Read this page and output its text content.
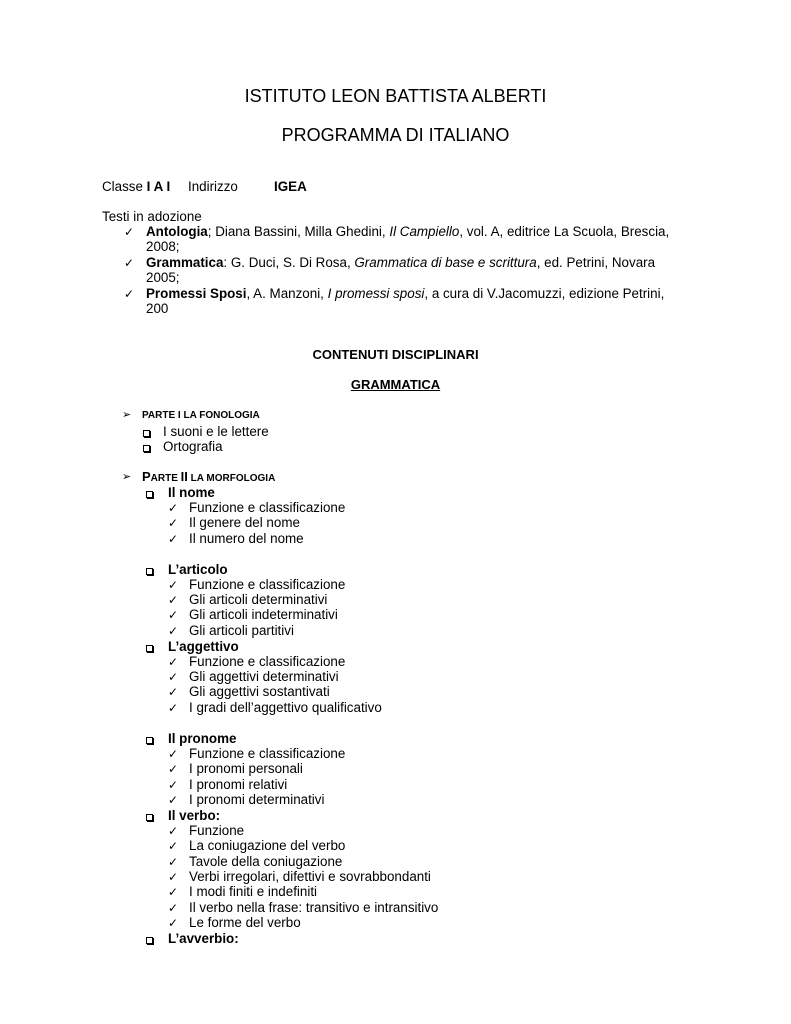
ISTITUTO LEON BATTISTA ALBERTI
PROGRAMMA DI ITALIANO
Classe I A I Indirizzo	IGEA
Testi in adozione
✓ Antologia; Diana Bassini, Milla Ghedini, Il Campiello, vol. A, editrice La Scuola, Brescia,
2008;
✓ Grammatica: G. Duci, S. Di Rosa, Grammatica di base e scrittura, ed. Petrini, Novara
2005;
✓ Promessi Sposi, A. Manzoni, I promessi sposi, a cura di V.Jacomuzzi, edizione Petrini,
200
CONTENUTI DISCIPLINARI
GRAMMATICA
➢ PARTE I LA FONOLOGIA
I suoni e le lettere
Ortografia
➢ PARTE II LA MORFOLOGIA
Il nome
✓ Funzione e classificazione
✓ Il genere del nome
✓ Il numero del nome
L’articolo
✓ Funzione e classificazione
✓ Gli articoli determinativi
✓ Gli articoli indeterminativi
✓ Gli articoli partitivi
L’aggettivo
✓ Funzione e classificazione
✓ Gli aggettivi determinativi
✓ Gli aggettivi sostantivati
✓ I gradi dell’aggettivo qualificativo
Il pronome
✓ Funzione e classificazione
✓ I pronomi personali
✓ I pronomi relativi
✓ I pronomi determinativi
Il verbo:
✓ Funzione
✓ La coniugazione del verbo
✓ Tavole della coniugazione
✓ Verbi irregolari, difettivi e sovrabbondanti
✓ I modi finiti e indefiniti
✓ Il verbo nella frase: transitivo e intransitivo
✓ Le forme del verbo
L’avverbio:
